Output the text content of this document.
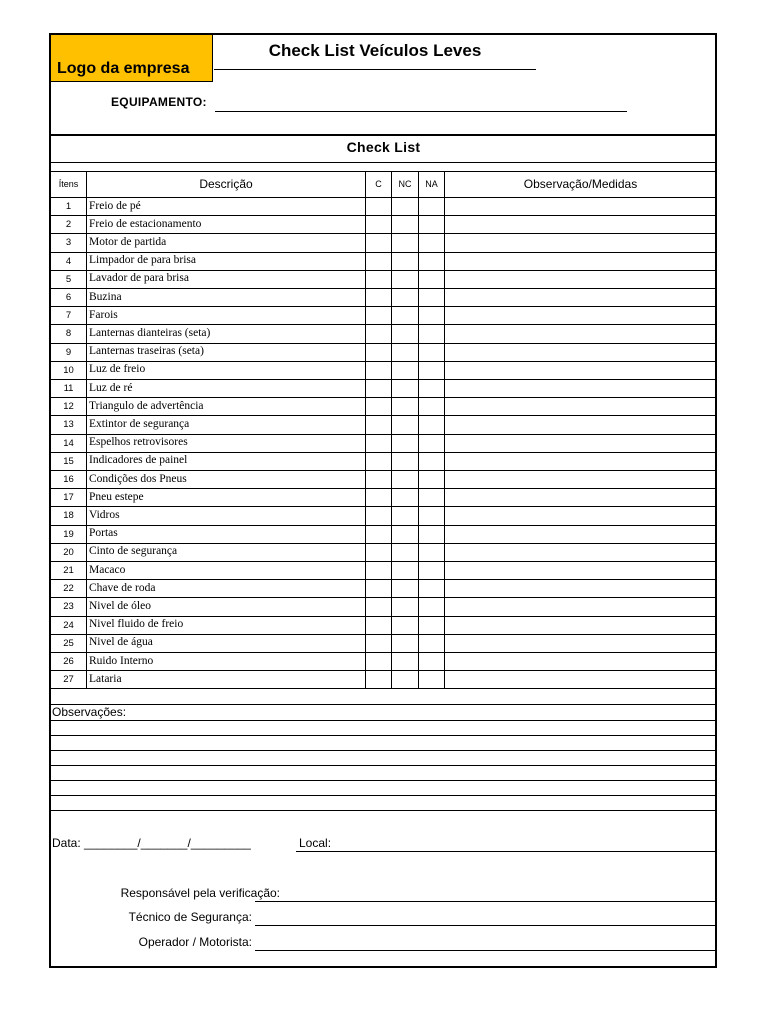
Logo da empresa
Check List Veículos Leves
EQUIPAMENTO:
Check List
Ítens	Descrição	C	NC	NA	Observação/Medidas
1	Freio de pé
2	Freio de estacionamento
3	Motor de partida
4	Limpador de para brisa
5	Lavador de para brisa
6	Buzina
7	Farois
8	Lanternas dianteiras (seta)
9	Lanternas traseiras (seta)
10	Luz de freio
11	Luz de ré
12	Triangulo de advertência
13	Extintor de segurança
14	Espelhos retrovisores
15	Indicadores de painel
16	Condições dos Pneus
17	Pneu estepe
18	Vidros
19	Portas
20	Cinto de segurança
21	Macaco
22	Chave de roda
23	Nivel de óleo
24	Nivel fluido de freio
25	Nivel de água
26	Ruido Interno
27	Lataria
Observações:
Data: ________/_______/_________	Local:
Responsável pela verificação:
Técnico de Segurança:
Operador / Motorista:
